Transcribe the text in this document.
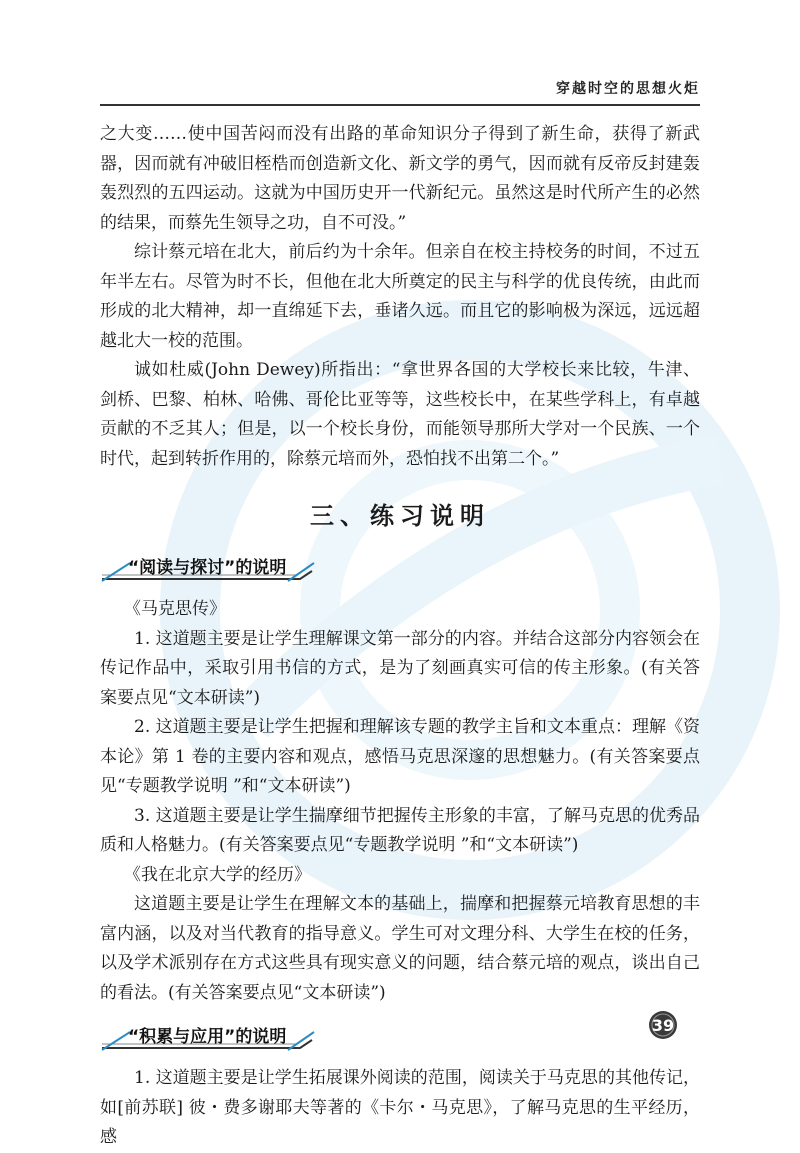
穿越时空的思想火炬

之大变……使中国苦闷而没有出路的革命知识分子得到了新生命，获得了新武器，因而就有冲破旧桎梏而创造新文化、新文学的勇气，因而就有反帝反封建轰轰烈烈的五四运动。这就为中国历史开一代新纪元。虽然这是时代所产生的必然的结果，而蔡先生领导之功，自不可没。”

综计蔡元培在北大，前后约为十余年。但亲自在校主持校务的时间，不过五年半左右。尽管为时不长，但他在北大所奠定的民主与科学的优良传统，由此而形成的北大精神，却一直绵延下去，垂诸久远。而且它的影响极为深远，远远超越北大一校的范围。

诚如杜威(John Dewey)所指出：“拿世界各国的大学校长来比较，牛津、剑桥、巴黎、柏林、哈佛、哥伦比亚等等，这些校长中，在某些学科上，有卓越贡献的不乏其人；但是，以一个校长身份，而能领导那所大学对一个民族、一个时代，起到转折作用的，除蔡元培而外，恐怕找不出第二个。”

三、练习说明
“阅读与探讨”的说明

《马克思传》

1. 这道题主要是让学生理解课文第一部分的内容。并结合这部分内容领会在传记作品中，采取引用书信的方式，是为了刻画真实可信的传主形象。(有关答案要点见“文本研读”)

2. 这道题主要是让学生把握和理解该专题的教学主旨和文本重点：理解《资本论》第 1 卷的主要内容和观点，感悟马克思深邃的思想魅力。(有关答案要点见“专题教学说明 ”和“文本研读”)

3. 这道题主要是让学生揣摩细节把握传主形象的丰富，了解马克思的优秀品质和人格魅力。(有关答案要点见“专题教学说明 ”和“文本研读”)

《我在北京大学的经历》

这道题主要是让学生在理解文本的基础上，揣摩和把握蔡元培教育思想的丰富内涵，以及对当代教育的指导意义。学生可对文理分科、大学生在校的任务，以及学术派别存在方式这些具有现实意义的问题，结合蔡元培的观点，谈出自己的看法。(有关答案要点见“文本研读”)

“积累与应用”的说明

1. 这道题主要是让学生拓展课外阅读的范围，阅读关于马克思的其他传记，如[前苏联] 彼・费多谢耶夫等著的《卡尔・马克思》，了解马克思的生平经历，感

39
